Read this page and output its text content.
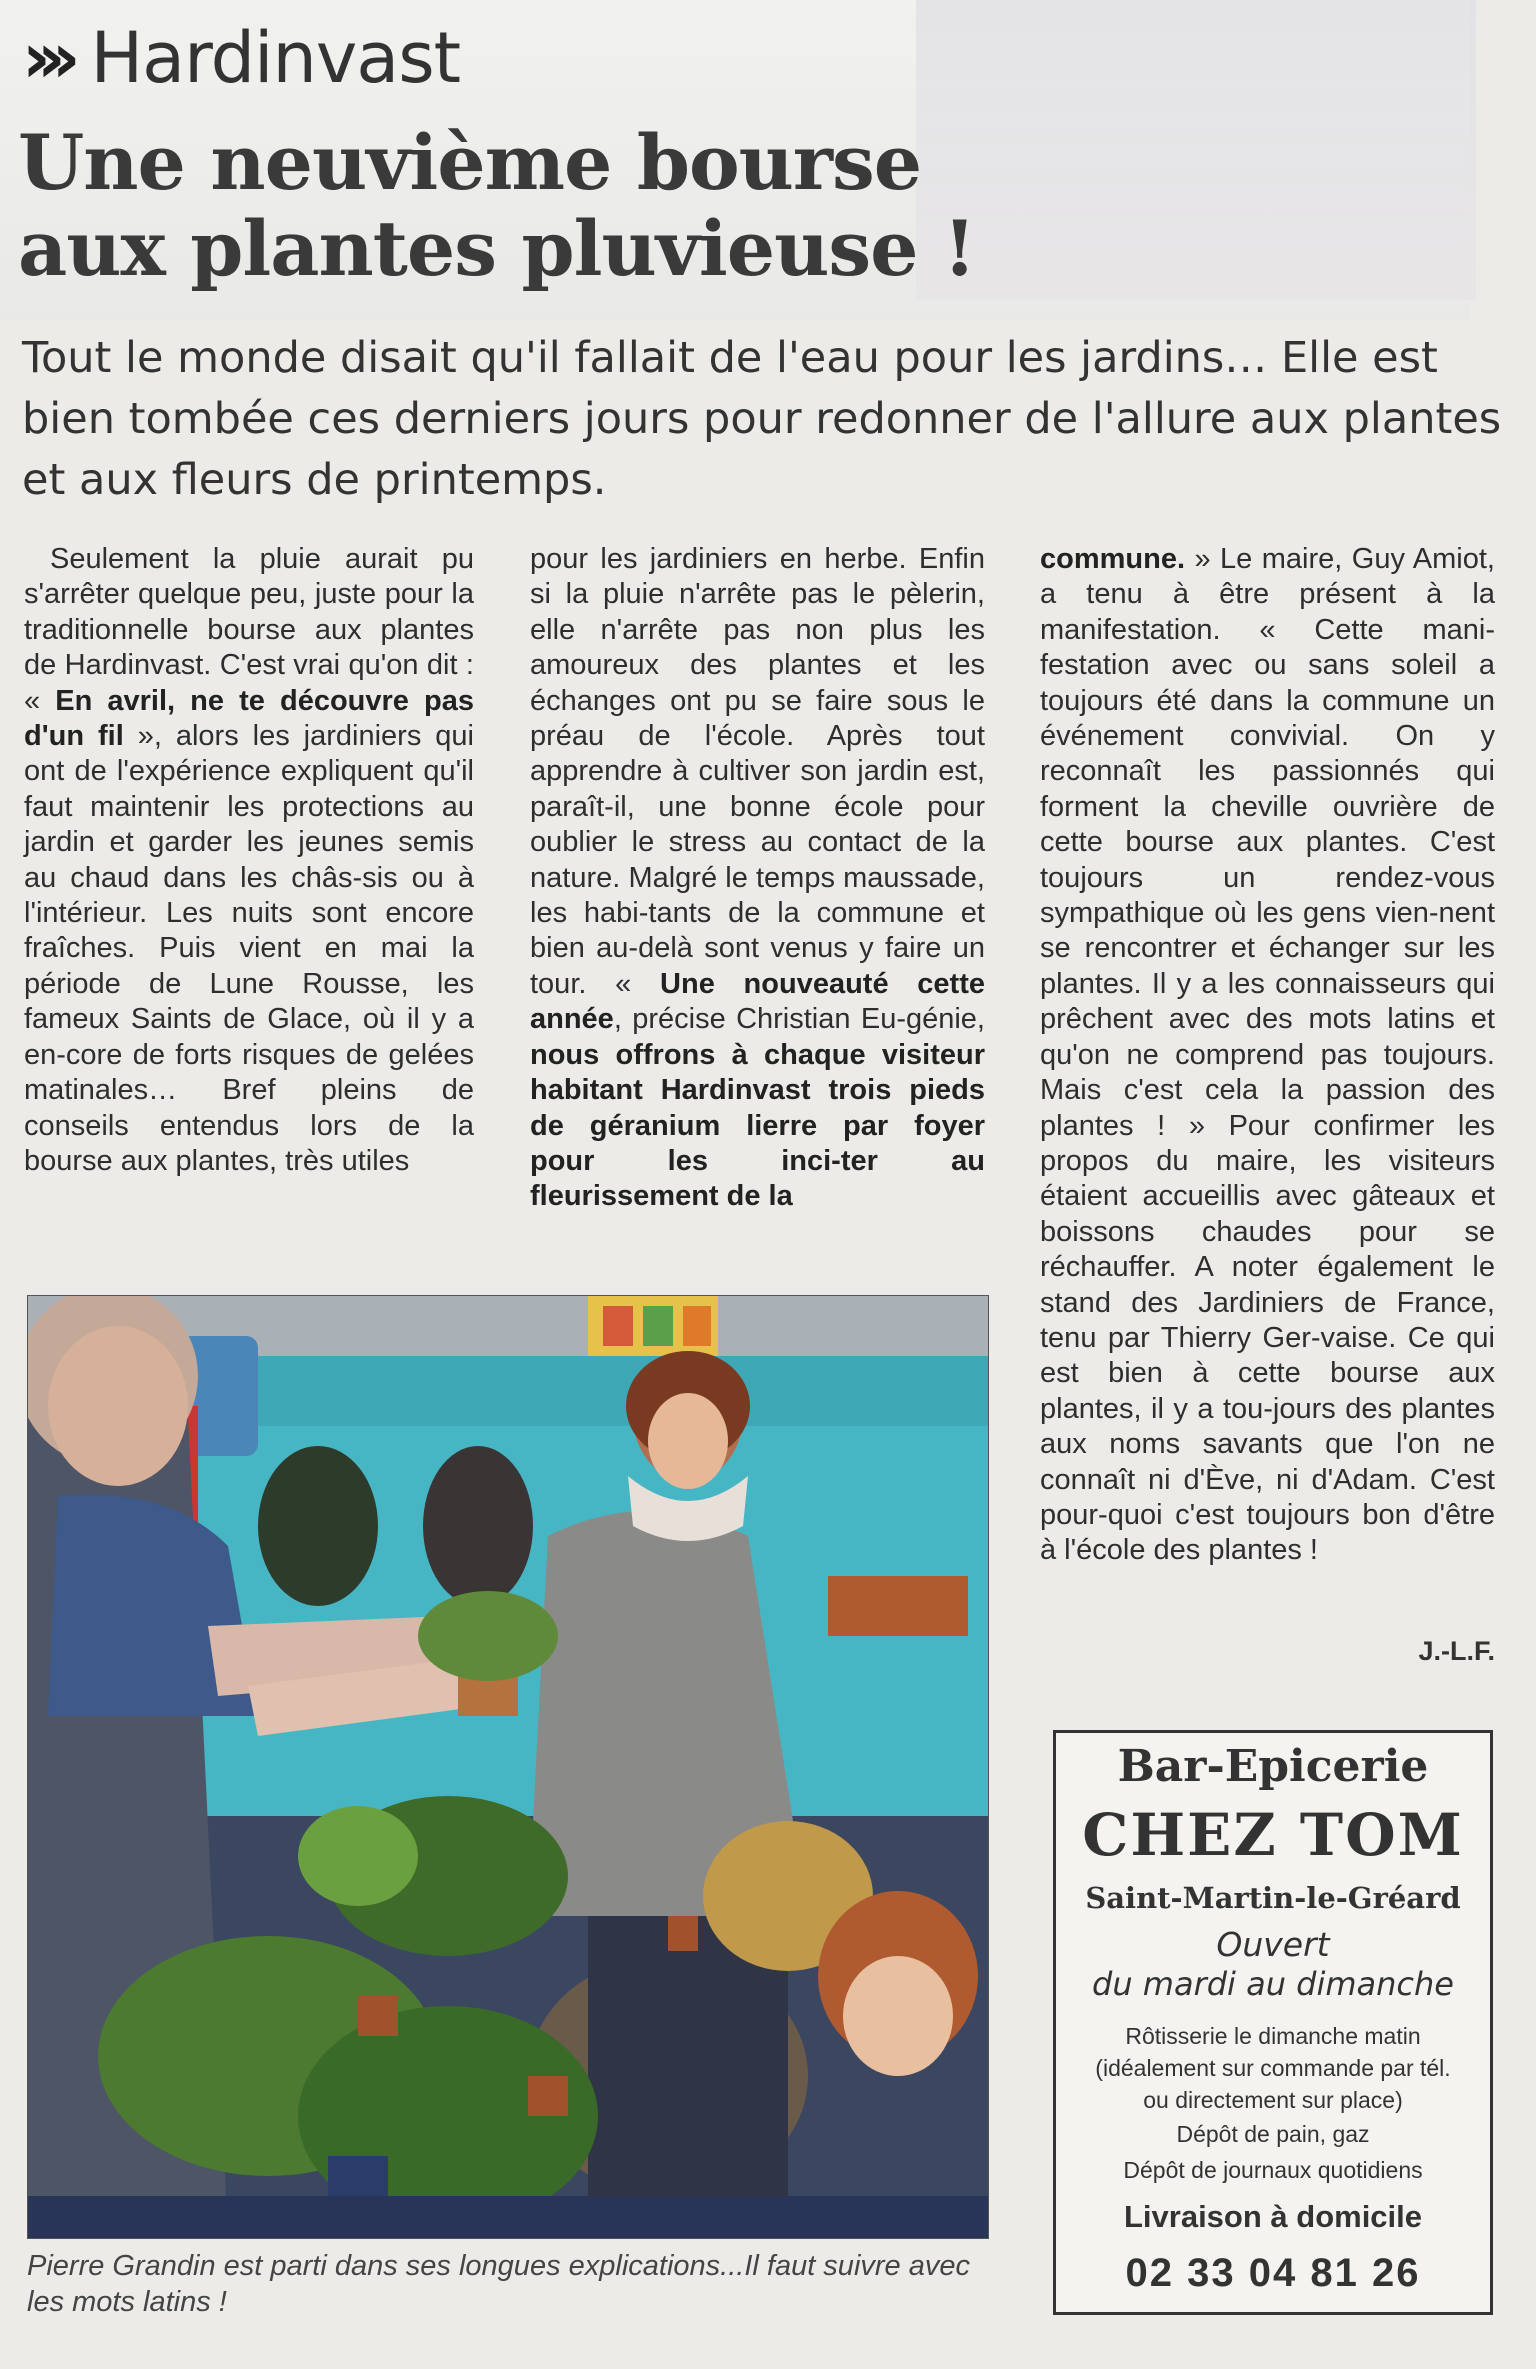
››› Hardinvast
Une neuvième bourse
aux plantes pluvieuse !
Tout le monde disait qu'il fallait de l'eau pour les jardins… Elle est bien tombée ces derniers jours pour redonner de l'allure aux plantes et aux fleurs de printemps.

Seulement la pluie aurait pu s'arrêter quelque peu, juste pour la traditionnelle bourse aux plantes de Hardinvast. C'est vrai qu'on dit : « En avril, ne te découvre pas d'un fil », alors les jardiniers qui ont de l'expérience expliquent qu'il faut maintenir les protections au jardin et garder les jeunes semis au chaud dans les châs-sis ou à l'intérieur. Les nuits sont encore fraîches. Puis vient en mai la période de Lune Rousse, les fameux Saints de Glace, où il y a en-core de forts risques de gelées matinales… Bref pleins de conseils entendus lors de la bourse aux plantes, très utiles

pour les jardiniers en herbe. Enfin si la pluie n'arrête pas le pèlerin, elle n'arrête pas non plus les amoureux des plantes et les échanges ont pu se faire sous le préau de l'école. Après tout apprendre à cultiver son jardin est, paraît-il, une bonne école pour oublier le stress au contact de la nature. Malgré le temps maussade, les habi-tants de la commune et bien au-delà sont venus y faire un tour. « Une nouveauté cette année, précise Christian Eu-génie, nous offrons à chaque visiteur habitant Hardinvast trois pieds de géranium lierre par foyer pour les inci-ter au fleurissement de la

commune. » Le maire, Guy Amiot, a tenu à être présent à la manifestation. « Cette mani-festation avec ou sans soleil a toujours été dans la commune un événement convivial. On y reconnaît les passionnés qui forment la cheville ouvrière de cette bourse aux plantes. C'est toujours un rendez-vous sympathique où les gens vien-nent se rencontrer et échanger sur les plantes. Il y a les connaisseurs qui prêchent avec des mots latins et qu'on ne comprend pas toujours. Mais c'est cela la passion des plantes ! » Pour confirmer les propos du maire, les visiteurs étaient accueillis avec gâteaux et boissons chaudes pour se réchauffer. A noter également le stand des Jardiniers de France, tenu par Thierry Ger-vaise. Ce qui est bien à cette bourse aux plantes, il y a tou-jours des plantes aux noms savants que l'on ne connaît ni d'Ève, ni d'Adam. C'est pour-quoi c'est toujours bon d'être à l'école des plantes !

J.-L.F.
Pierre Grandin est parti dans ses longues explications...Il faut suivre avec les mots latins !
Bar-Epicerie
CHEZ TOM
Saint-Martin-le-Gréard
Ouvert
du mardi au dimanche
Rôtisserie le dimanche matin
(idéalement sur commande par tél.
ou directement sur place)
Dépôt de pain, gaz
Dépôt de journaux quotidiens
Livraison à domicile
02 33 04 81 26
